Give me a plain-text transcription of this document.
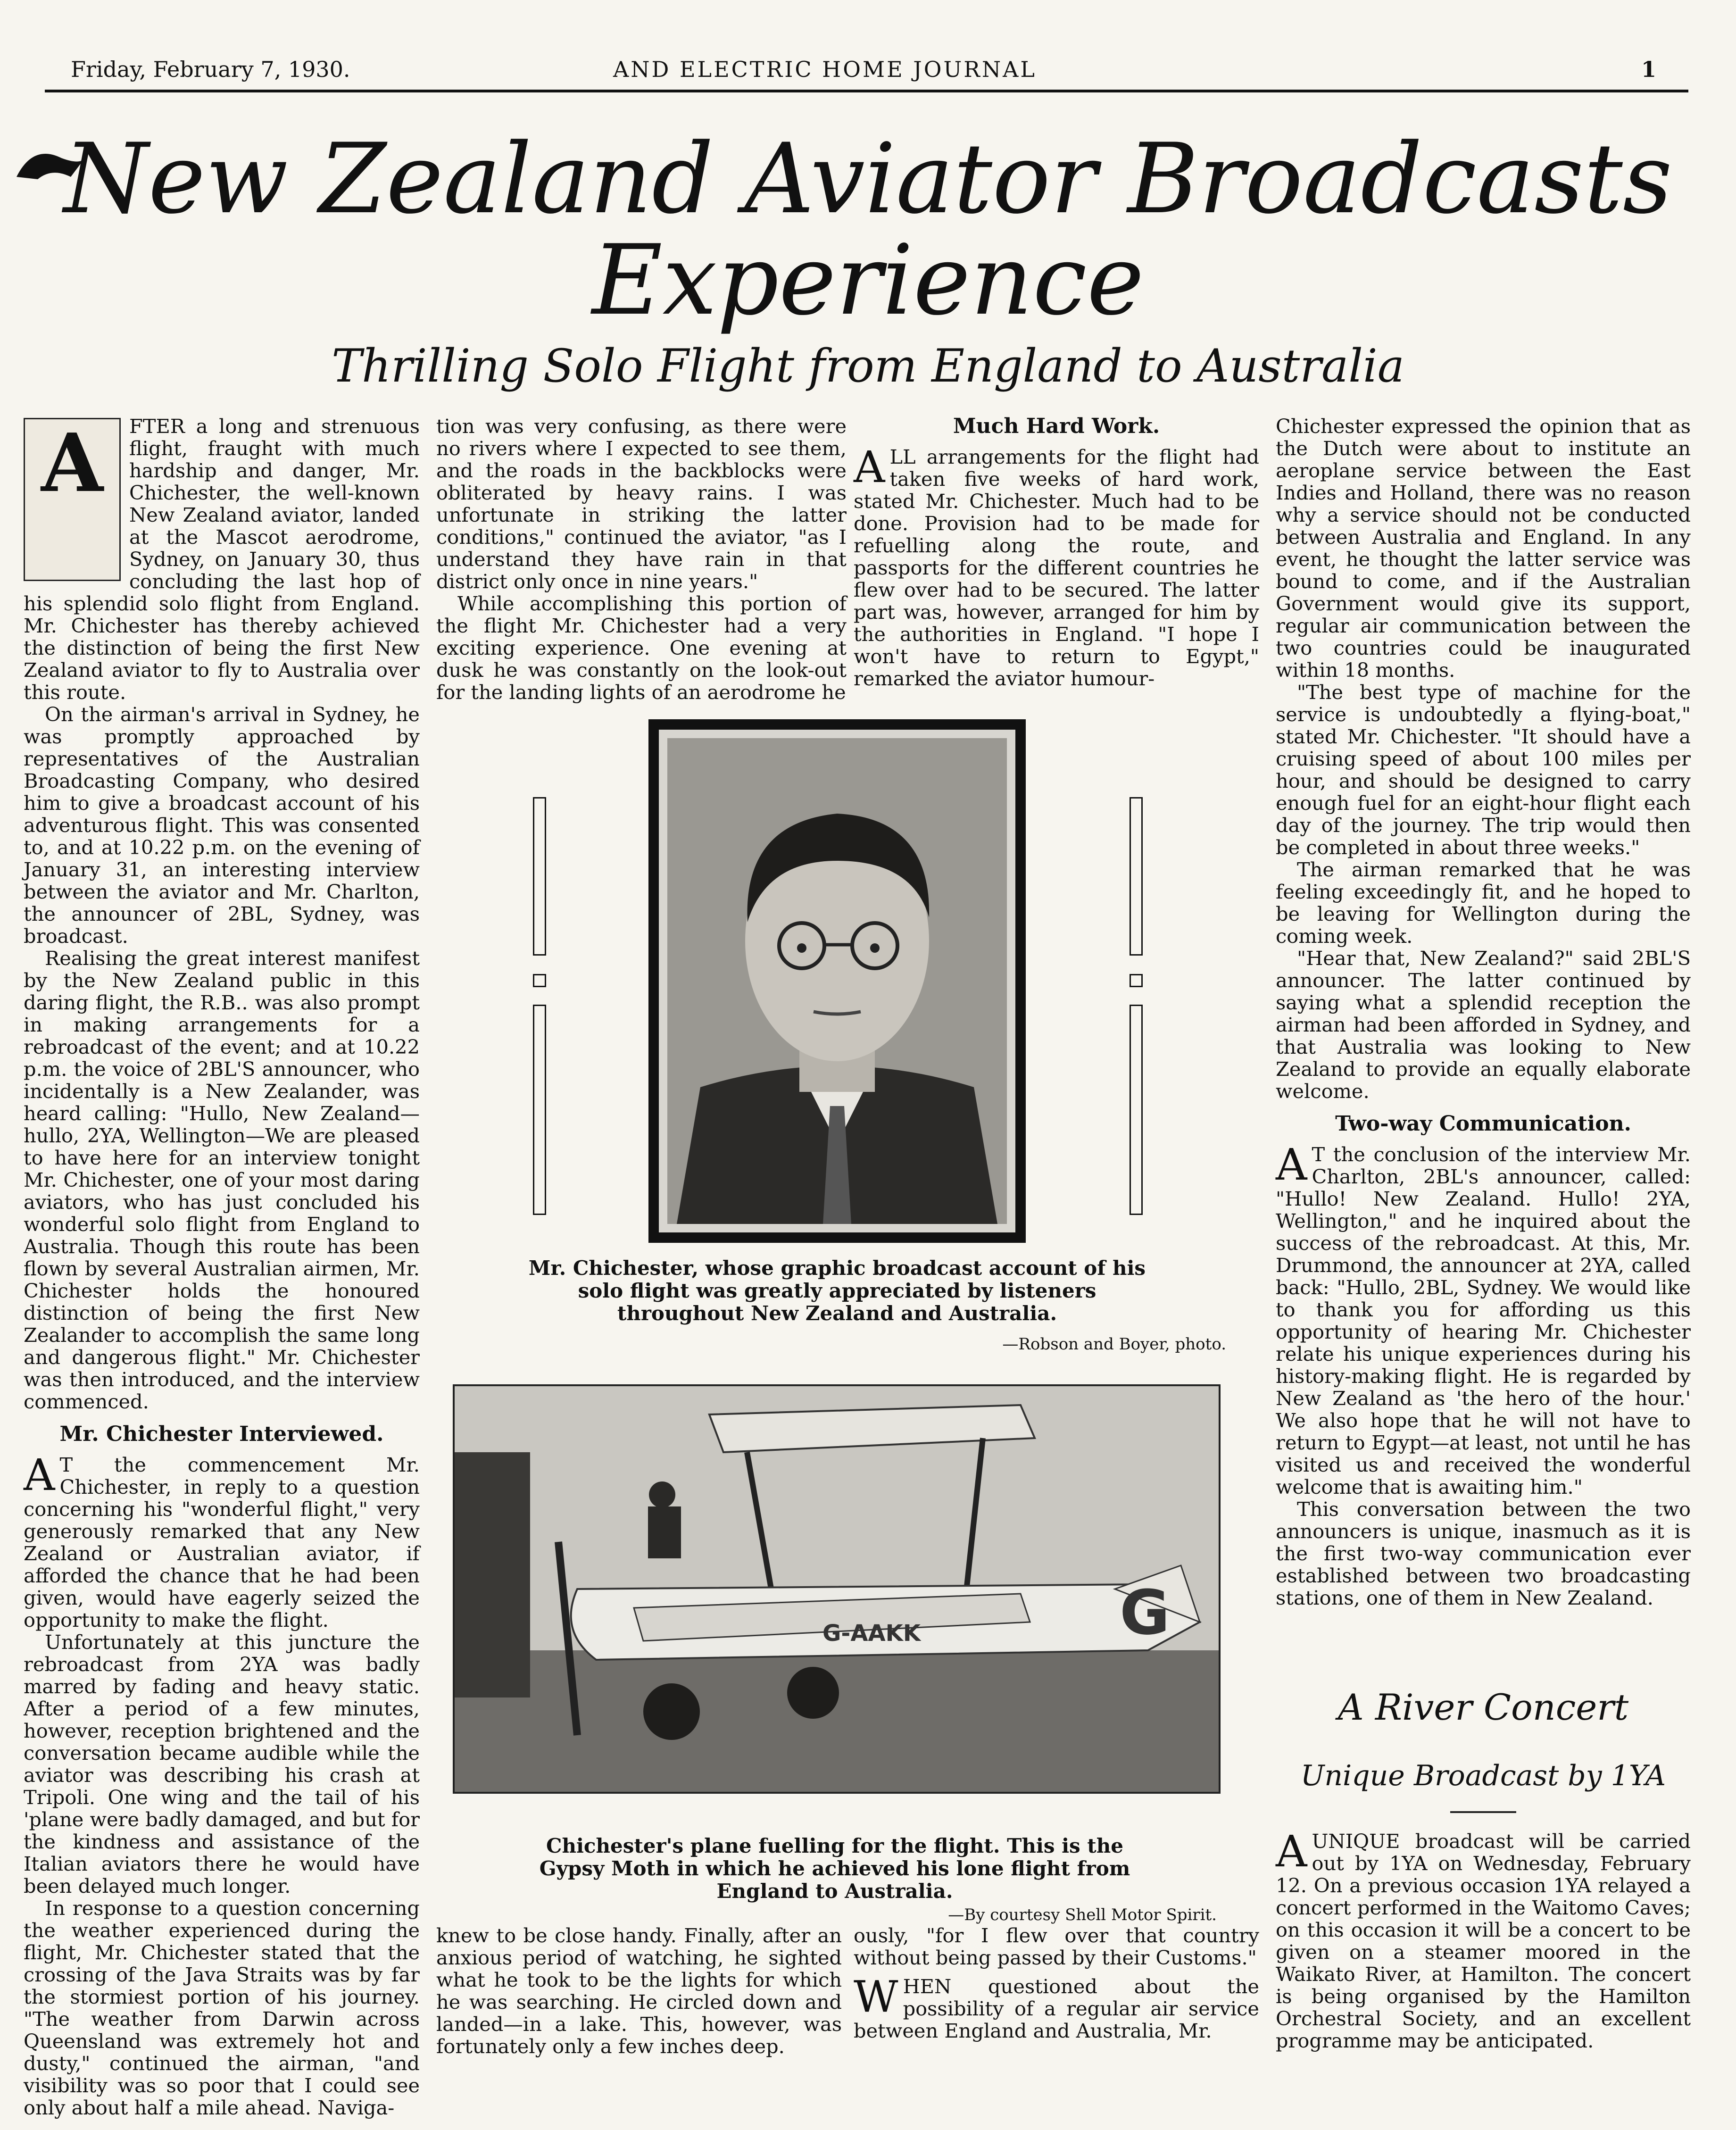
Friday, February 7, 1930.	AND ELECTRIC HOME JOURNAL	1
New Zealand Aviator Broadcasts
Experience
Thrilling Solo Flight from England to Australia
A	FTER a long and strenuous flight, fraught with much hardship and danger, Mr. Chichester, the well-known New Zealand aviator, landed at the Mascot aerodrome, Sydney, on January 30, thus concluding the last hop of his splendid solo flight from England. Mr. Chichester has thereby achieved the distinction of being the first New Zealand aviator to fly to Australia over this route.

On the airman's arrival in Sydney, he was promptly approached by representatives of the Australian Broadcasting Company, who desired him to give a broadcast account of his adventurous flight. This was consented to, and at 10.22 p.m. on the evening of January 31, an interesting interview between the aviator and Mr. Charlton, the announcer of 2BL, Sydney, was broadcast.

Realising the great interest manifest by the New Zealand public in this daring flight, the R.B.. was also prompt in making arrangements for a rebroadcast of the event; and at 10.22 p.m. the voice of 2BL'S announcer, who incidentally is a New Zealander, was heard calling: "Hullo, New Zealand—hullo, 2YA, Wellington—We are pleased to have here for an interview tonight Mr. Chichester, one of your most daring aviators, who has just concluded his wonderful solo flight from England to Australia. Though this route has been flown by several Australian airmen, Mr. Chichester holds the honoured distinction of being the first New Zealander to accomplish the same long and dangerous flight." Mr. Chichester was then introduced, and the interview commenced.

Mr. Chichester Interviewed.

A T the commencement Mr. Chichester, in reply to a question concerning his "wonderful flight," very generously remarked that any New Zealand or Australian aviator, if afforded the chance that he had been given, would have eagerly seized the opportunity to make the flight.

Unfortunately at this juncture the rebroadcast from 2YA was badly marred by fading and heavy static. After a period of a few minutes, however, reception brightened and the conversation became audible while the aviator was describing his crash at Tripoli. One wing and the tail of his 'plane were badly damaged, and but for the kindness and assistance of the Italian aviators there he would have been delayed much longer.

In response to a question concerning the weather experienced during the flight, Mr. Chichester stated that the crossing of the Java Straits was by far the stormiest portion of his journey. "The weather from Darwin across Queensland was extremely hot and dusty," continued the airman, "and visibility was so poor that I could see only about half a mile ahead. Naviga-

tion was very confusing, as there were no rivers where I expected to see them, and the roads in the backblocks were obliterated by heavy rains. I was unfortunate in striking the latter conditions," continued the aviator, "as I understand they have rain in that district only once in nine years."

While accomplishing this portion of the flight Mr. Chichester had a very exciting experience. One evening at dusk he was constantly on the look-out for the landing lights of an aerodrome he

Much Hard Work.

ALL arrangements for the flight had taken five weeks of hard work, stated Mr. Chichester. Much had to be done. Provision had to be made for refuelling along the route, and passports for the different countries he flew over had to be secured. The latter part was, however, arranged for him by the authorities in England. "I hope I won't have to return to Egypt," remarked the aviator humour-

Mr. Chichester, whose graphic broadcast account of his solo flight was greatly appreciated by listeners throughout New Zealand and Australia.
—Robson and Boyer, photo.
G-AAKK	G
Chichester's plane fuelling for the flight. This is the Gypsy Moth in which he achieved his lone flight from England to Australia.
—By courtesy Shell Motor Spirit.

knew to be close handy. Finally, after an anxious period of watching, he sighted what he took to be the lights for which he was searching. He circled down and landed—in a lake. This, however, was fortunately only a few inches deep.

ously, "for I flew over that country without being passed by their Customs."

WHEN questioned about the possibility of a regular air service between England and Australia, Mr.

Chichester expressed the opinion that as the Dutch were about to institute an aeroplane service between the East Indies and Holland, there was no reason why a service should not be conducted between Australia and England. In any event, he thought the latter service was bound to come, and if the Australian Government would give its support, regular air communication between the two countries could be inaugurated within 18 months.

"The best type of machine for the service is undoubtedly a flying-boat," stated Mr. Chichester. "It should have a cruising speed of about 100 miles per hour, and should be designed to carry enough fuel for an eight-hour flight each day of the journey. The trip would then be completed in about three weeks."

The airman remarked that he was feeling exceedingly fit, and he hoped to be leaving for Wellington during the coming week.

"Hear that, New Zealand?" said 2BL'S announcer. The latter continued by saying what a splendid reception the airman had been afforded in Sydney, and that Australia was looking to New Zealand to provide an equally elaborate welcome.

Two-way Communication.

A T the conclusion of the interview Mr. Charlton, 2BL's announcer, called: "Hullo! New Zealand. Hullo! 2YA, Wellington," and he inquired about the success of the rebroadcast. At this, Mr. Drummond, the announcer at 2YA, called back: "Hullo, 2BL, Sydney. We would like to thank you for affording us this opportunity of hearing Mr. Chichester relate his unique experiences during his history-making flight. He is regarded by New Zealand as 'the hero of the hour.' We also hope that he will not have to return to Egypt—at least, not until he has visited us and received the wonderful welcome that is awaiting him."

This conversation between the two announcers is unique, inasmuch as it is the first two-way communication ever established between two broadcasting stations, one of them in New Zealand.

A River Concert
Unique Broadcast by 1YA

AUNIQUE broadcast will be carried out by 1YA on Wednesday, February 12. On a previous occasion 1YA relayed a concert performed in the Waitomo Caves; on this occasion it will be a concert to be given on a steamer moored in the Waikato River, at Hamilton. The concert is being organised by the Hamilton Orchestral Society, and an excellent programme may be anticipated.
